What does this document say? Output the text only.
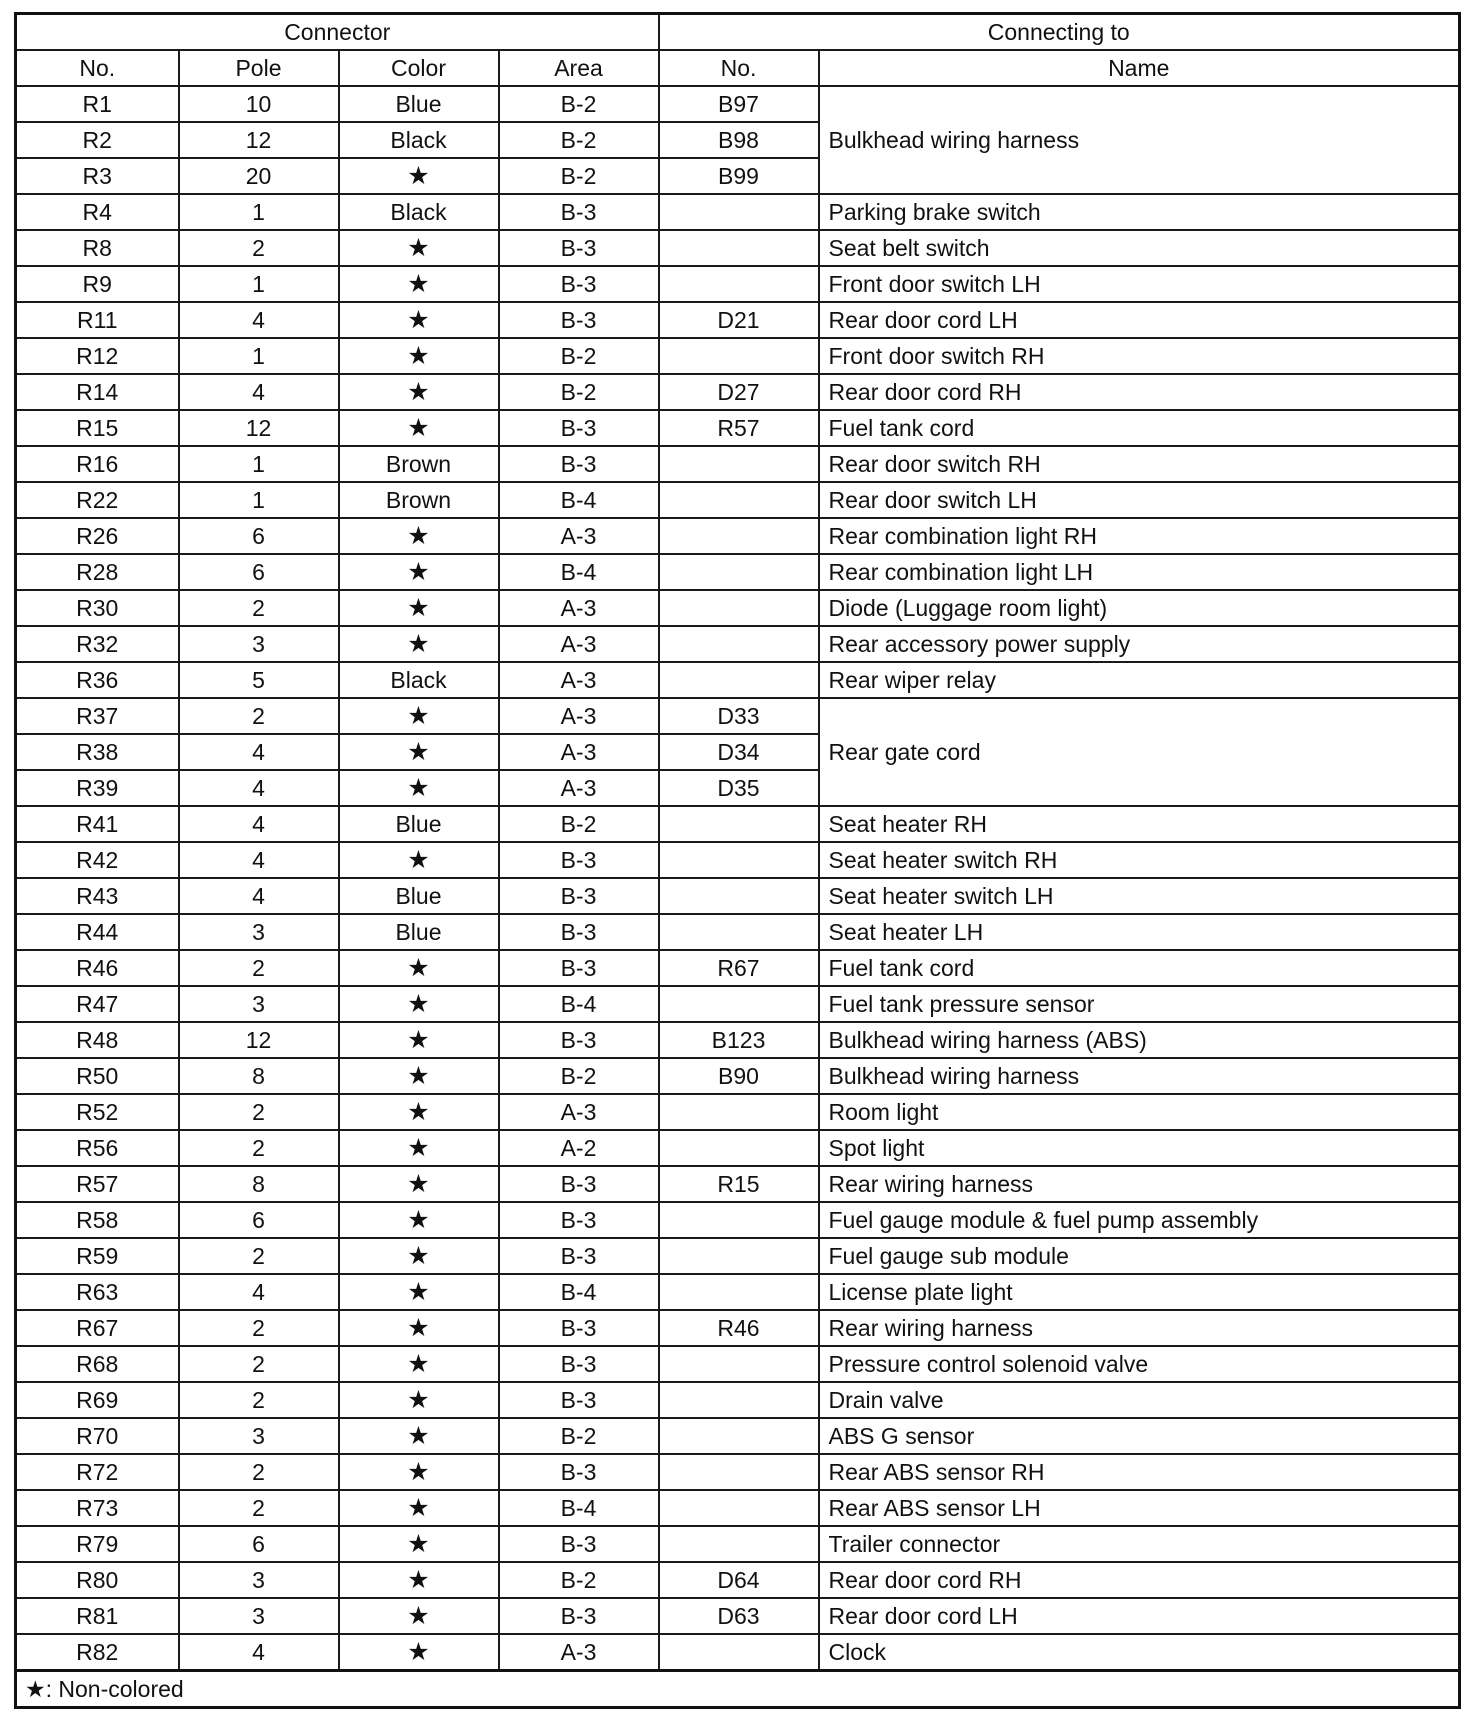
Connector				Connecting to	
No.	Pole	Color	Area	No.	Name
R1	10	Blue	B-2	B97	Bulkhead wiring harness
R2	12	Black	B-2	B98	
R3	20	★	B-2	B99	
R4	1	Black	B-3		Parking brake switch
R8	2	★	B-3		Seat belt switch
R9	1	★	B-3		Front door switch LH
R11	4	★	B-3	D21	Rear door cord LH
R12	1	★	B-2		Front door switch RH
R14	4	★	B-2	D27	Rear door cord RH
R15	12	★	B-3	R57	Fuel tank cord
R16	1	Brown	B-3		Rear door switch RH
R22	1	Brown	B-4		Rear door switch LH
R26	6	★	A-3		Rear combination light RH
R28	6	★	B-4		Rear combination light LH
R30	2	★	A-3		Diode (Luggage room light)
R32	3	★	A-3		Rear accessory power supply
R36	5	Black	A-3		Rear wiper relay
R37	2	★	A-3	D33	Rear gate cord
R38	4	★	A-3	D34	
R39	4	★	A-3	D35	
R41	4	Blue	B-2		Seat heater RH
R42	4	★	B-3		Seat heater switch RH
R43	4	Blue	B-3		Seat heater switch LH
R44	3	Blue	B-3		Seat heater LH
R46	2	★	B-3	R67	Fuel tank cord
R47	3	★	B-4		Fuel tank pressure sensor
R48	12	★	B-3	B123	Bulkhead wiring harness (ABS)
R50	8	★	B-2	B90	Bulkhead wiring harness
R52	2	★	A-3		Room light
R56	2	★	A-2		Spot light
R57	8	★	B-3	R15	Rear wiring harness
R58	6	★	B-3		Fuel gauge module & fuel pump assembly
R59	2	★	B-3		Fuel gauge sub module
R63	4	★	B-4		License plate light
R67	2	★	B-3	R46	Rear wiring harness
R68	2	★	B-3		Pressure control solenoid valve
R69	2	★	B-3		Drain valve
R70	3	★	B-2		ABS G sensor
R72	2	★	B-3		Rear ABS sensor RH
R73	2	★	B-4		Rear ABS sensor LH
R79	6	★	B-3		Trailer connector
R80	3	★	B-2	D64	Rear door cord RH
R81	3	★	B-3	D63	Rear door cord LH
R82	4	★	A-3		Clock
★: Non-colored					
